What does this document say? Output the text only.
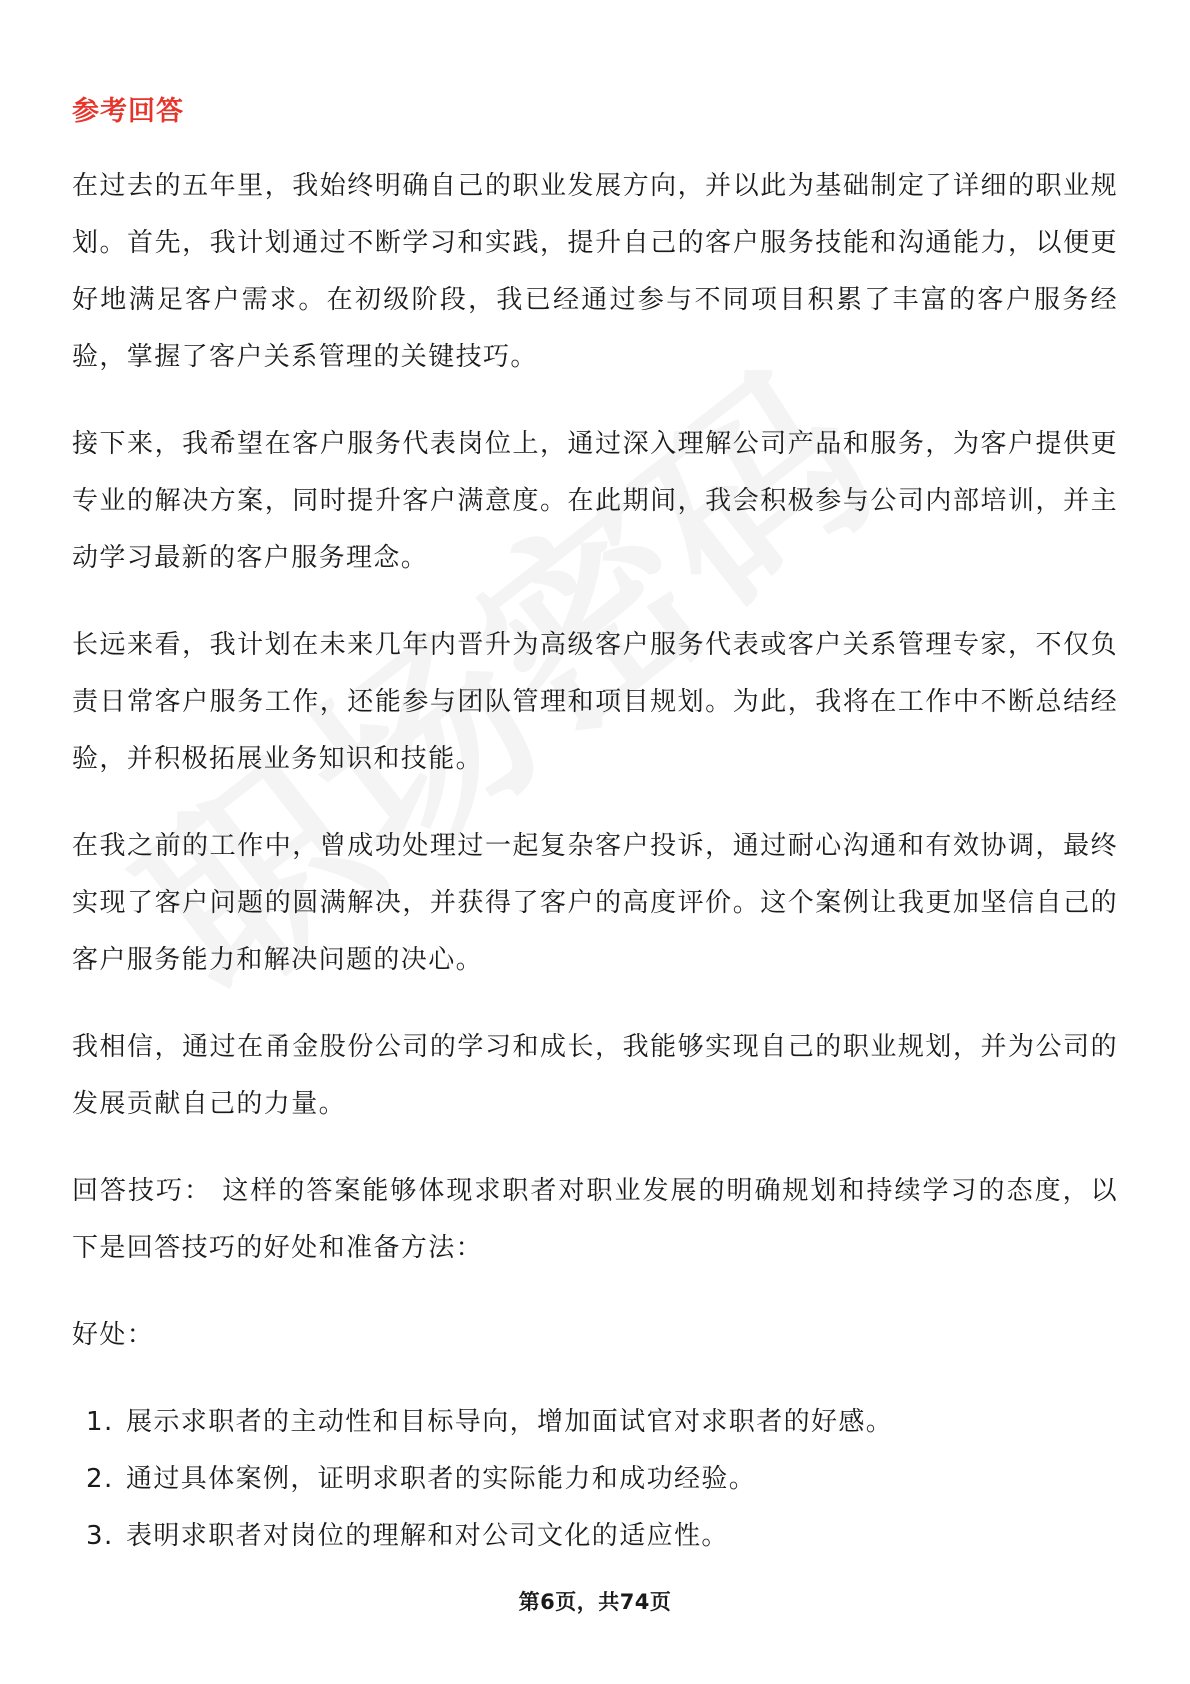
参考回答

在过去的五年里，我始终明确自己的职业发展方向，并以此为基础制定了详细的职业规划。首先，我计划通过不断学习和实践，提升自己的客户服务技能和沟通能力，以便更好地满足客户需求。在初级阶段，我已经通过参与不同项目积累了丰富的客户服务经验，掌握了客户关系管理的关键技巧。

接下来，我希望在客户服务代表岗位上，通过深入理解公司产品和服务，为客户提供更专业的解决方案，同时提升客户满意度。在此期间，我会积极参与公司内部培训，并主动学习最新的客户服务理念。

长远来看，我计划在未来几年内晋升为高级客户服务代表或客户关系管理专家，不仅负责日常客户服务工作，还能参与团队管理和项目规划。为此，我将在工作中不断总结经验，并积极拓展业务知识和技能。

在我之前的工作中，曾成功处理过一起复杂客户投诉，通过耐心沟通和有效协调，最终实现了客户问题的圆满解决，并获得了客户的高度评价。这个案例让我更加坚信自己的客户服务能力和解决问题的决心。

我相信，通过在甬金股份公司的学习和成长，我能够实现自己的职业规划，并为公司的发展贡献自己的力量。

回答技巧： 这样的答案能够体现求职者对职业发展的明确规划和持续学习的态度，以下是回答技巧的好处和准备方法：

好处：

1. 展示求职者的主动性和目标导向，增加面试官对求职者的好感。
2. 通过具体案例，证明求职者的实际能力和成功经验。
3. 表明求职者对岗位的理解和对公司文化的适应性。
第6页，共74页
